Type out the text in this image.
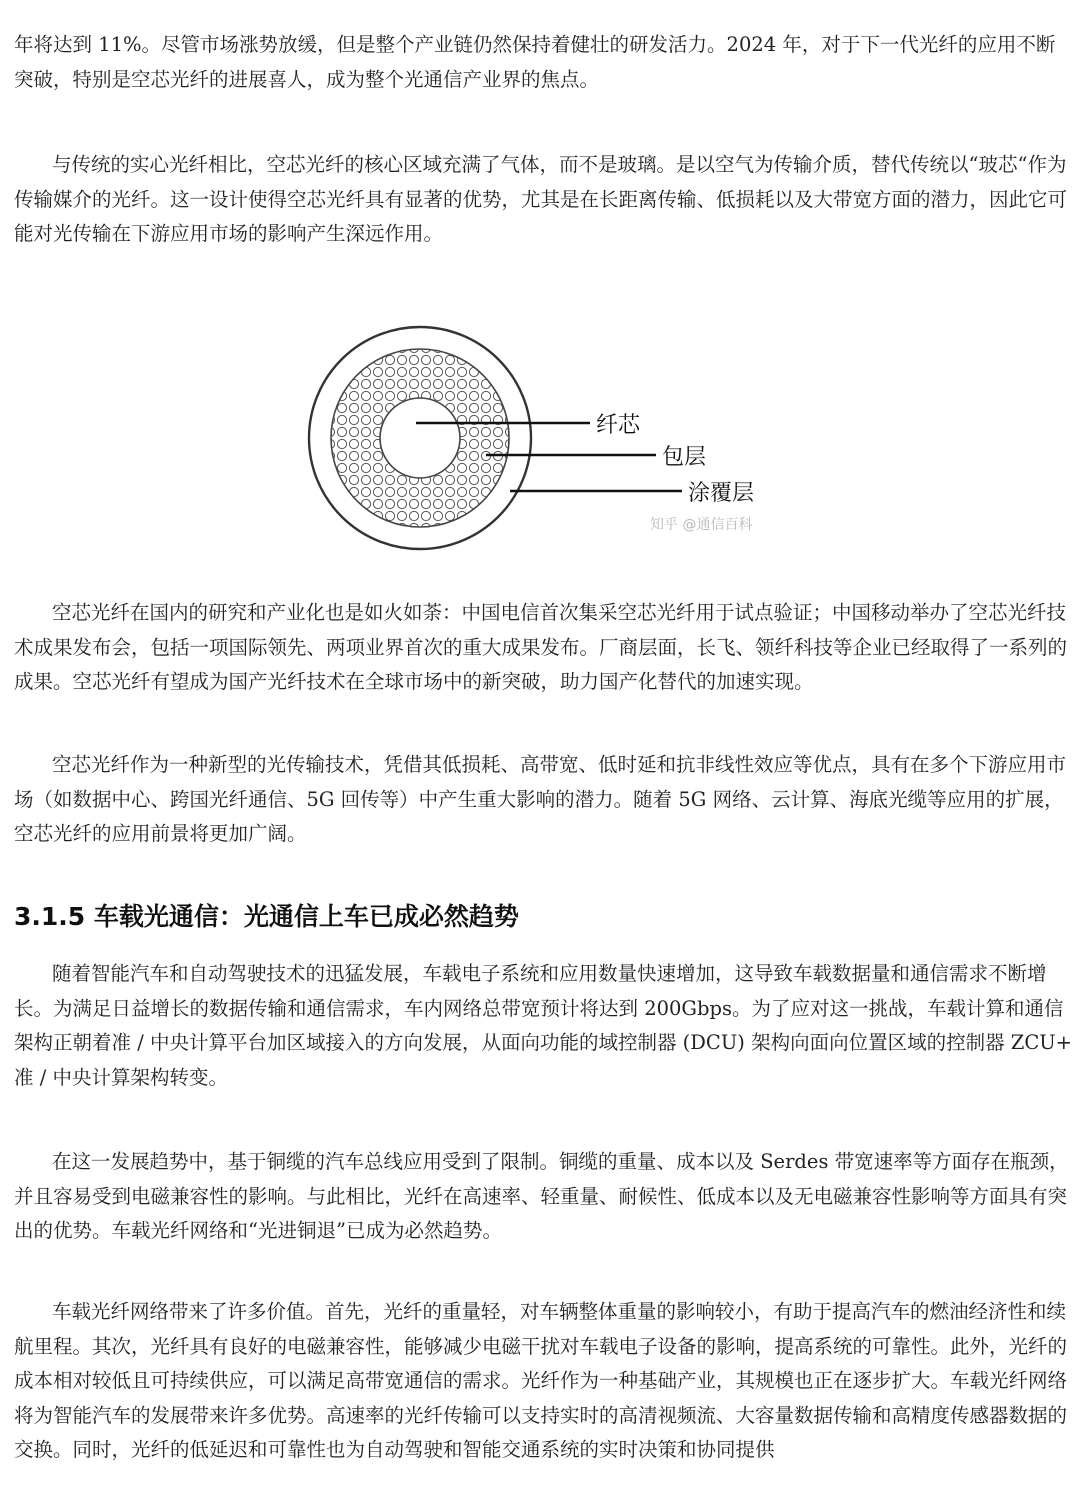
年将达到 11%。尽管市场涨势放缓，但是整个产业链仍然保持着健壮的研发活力。2024 年，对于下一代光纤的应用不断突破，特别是空芯光纤的进展喜人，成为整个光通信产业界的焦点。
与传统的实心光纤相比，空芯光纤的核心区域充满了气体，而不是玻璃。是以空气为传输介质，替代传统以“玻芯“作为传输媒介的光纤。这一设计使得空芯光纤具有显著的优势，尤其是在长距离传输、低损耗以及大带宽方面的潜力，因此它可能对光传输在下游应用市场的影响产生深远作用。
纤芯
包层
涂覆层
知乎 @通信百科
空芯光纤在国内的研究和产业化也是如火如荼：中国电信首次集采空芯光纤用于试点验证；中国移动举办了空芯光纤技术成果发布会，包括一项国际领先、两项业界首次的重大成果发布。厂商层面，长飞、领纤科技等企业已经取得了一系列的成果。空芯光纤有望成为国产光纤技术在全球市场中的新突破，助力国产化替代的加速实现。
空芯光纤作为一种新型的光传输技术，凭借其低损耗、高带宽、低时延和抗非线性效应等优点，具有在多个下游应用市场（如数据中心、跨国光纤通信、5G 回传等）中产生重大影响的潜力。随着 5G 网络、云计算、海底光缆等应用的扩展，空芯光纤的应用前景将更加广阔。
3.1.5 车载光通信：光通信上车已成必然趋势
随着智能汽车和自动驾驶技术的迅猛发展，车载电子系统和应用数量快速增加，这导致车载数据量和通信需求不断增长。为满足日益增长的数据传输和通信需求，车内网络总带宽预计将达到 200Gbps。为了应对这一挑战，车载计算和通信架构正朝着准 / 中央计算平台加区域接入的方向发展，从面向功能的域控制器 (DCU) 架构向面向位置区域的控制器 ZCU+ 准 / 中央计算架构转变。
在这一发展趋势中，基于铜缆的汽车总线应用受到了限制。铜缆的重量、成本以及 Serdes 带宽速率等方面存在瓶颈，并且容易受到电磁兼容性的影响。与此相比，光纤在高速率、轻重量、耐候性、低成本以及无电磁兼容性影响等方面具有突出的优势。车载光纤网络和“光进铜退”已成为必然趋势。
车载光纤网络带来了许多价值。首先，光纤的重量轻，对车辆整体重量的影响较小，有助于提高汽车的燃油经济性和续航里程。其次，光纤具有良好的电磁兼容性，能够减少电磁干扰对车载电子设备的影响，提高系统的可靠性。此外，光纤的成本相对较低且可持续供应，可以满足高带宽通信的需求。光纤作为一种基础产业，其规模也正在逐步扩大。车载光纤网络将为智能汽车的发展带来许多优势。高速率的光纤传输可以支持实时的高清视频流、大容量数据传输和高精度传感器数据的交换。同时，光纤的低延迟和可靠性也为自动驾驶和智能交通系统的实时决策和协同提供
